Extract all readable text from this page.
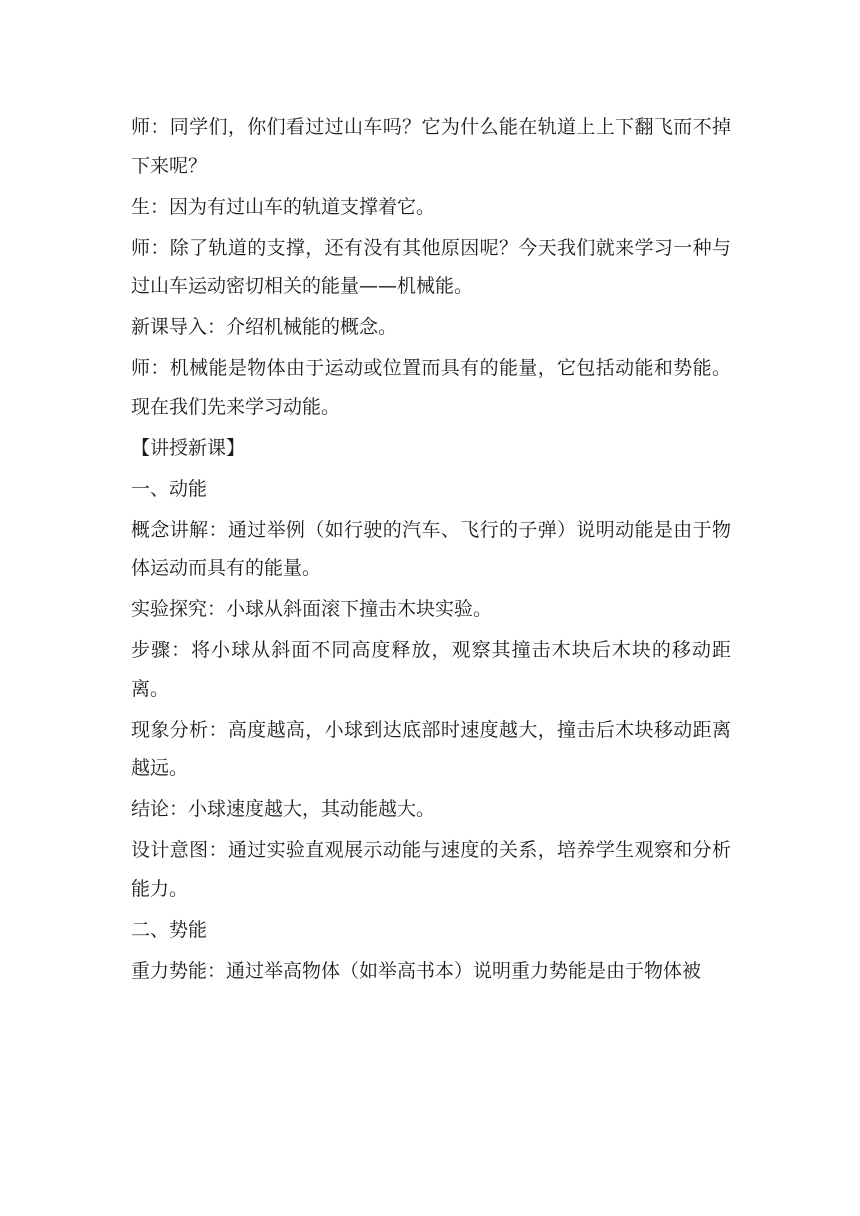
师：同学们，你们看过过山车吗？它为什么能在轨道上上下翻飞而不掉下来呢？

生：因为有过山车的轨道支撑着它。

师：除了轨道的支撑，还有没有其他原因呢？今天我们就来学习一种与过山车运动密切相关的能量——机械能。

新课导入：介绍机械能的概念。

师：机械能是物体由于运动或位置而具有的能量，它包括动能和势能。现在我们先来学习动能。

【讲授新课】

一、动能

概念讲解：通过举例（如行驶的汽车、飞行的子弹）说明动能是由于物体运动而具有的能量。

实验探究：小球从斜面滚下撞击木块实验。

步骤：将小球从斜面不同高度释放，观察其撞击木块后木块的移动距离。

现象分析：高度越高，小球到达底部时速度越大，撞击后木块移动距离越远。

结论：小球速度越大，其动能越大。

设计意图：通过实验直观展示动能与速度的关系，培养学生观察和分析能力。

二、势能

重力势能：通过举高物体（如举高书本）说明重力势能是由于物体被
